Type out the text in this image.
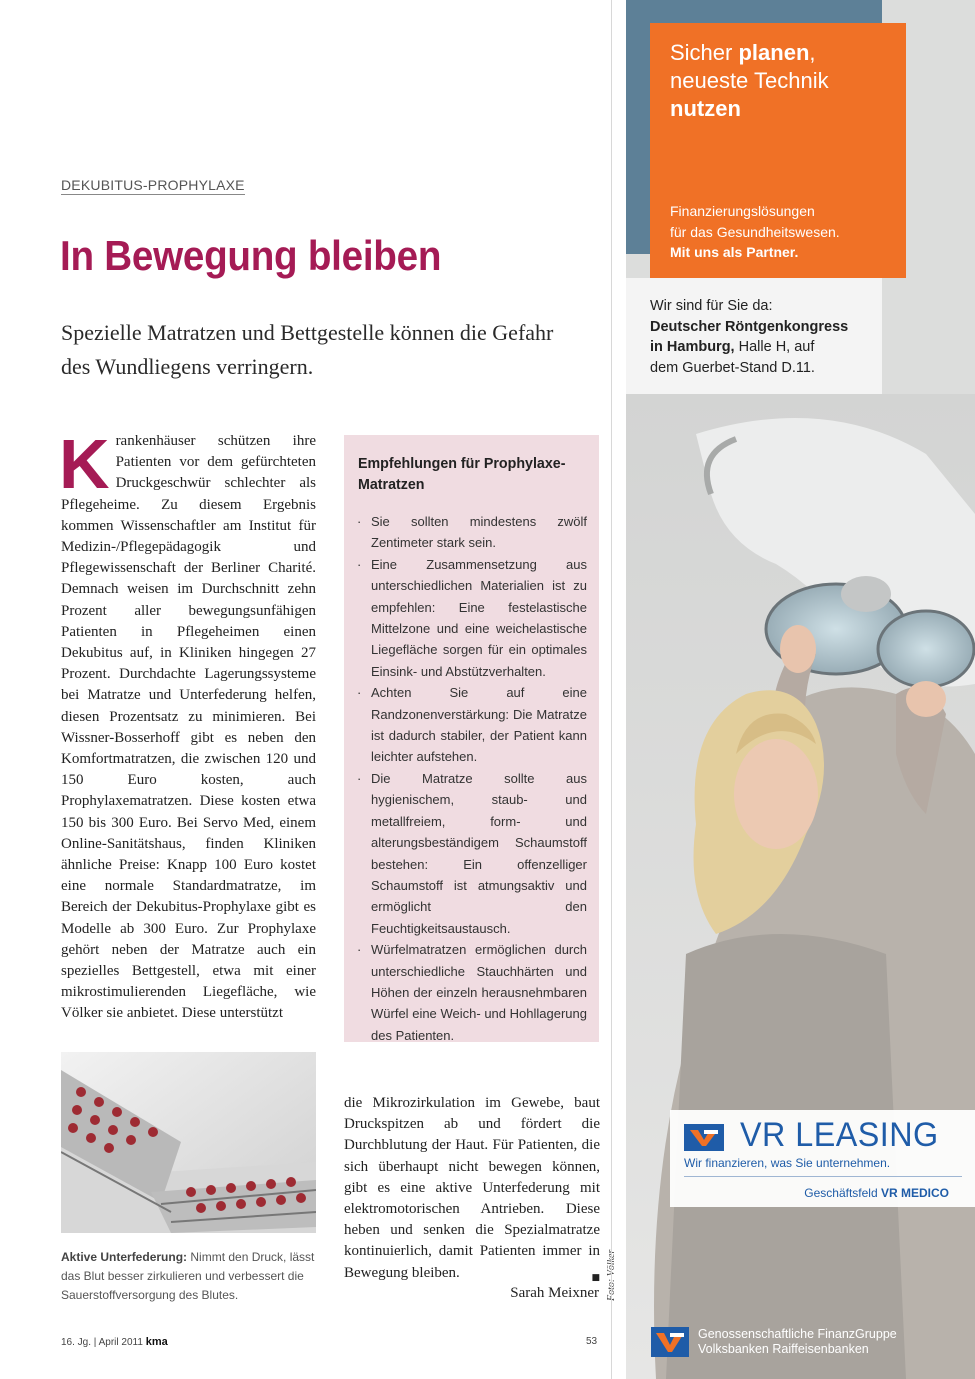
DEKUBITUS-PROPHYLAXE
In Bewegung bleiben

Spezielle Matratzen und Bettgestelle können die Gefahr des Wundliegens verringern.

Krankenhäuser schützen ihre Patienten vor dem gefürchteten Druckgeschwür schlechter als Pflegeheime. Zu diesem Ergebnis kommen Wissenschaftler am Institut für Medizin-/Pflegepädagogik und Pflegewissenschaft der Berliner Charité. Demnach weisen im Durchschnitt zehn Prozent aller bewegungsunfähigen Patienten in Pflegeheimen einen Dekubitus auf, in Kliniken hingegen 27 Prozent. Durchdachte Lagerungssysteme bei Matratze und Unterfederung helfen, diesen Prozentsatz zu minimieren. Bei Wissner-Bosserhoff gibt es neben den Komfortmatratzen, die zwischen 120 und 150 Euro kosten, auch Prophylaxematratzen. Diese kosten etwa 150 bis 300 Euro. Bei Servo Med, einem Online-Sanitätshaus, finden Kliniken ähnliche Preise: Knapp 100 Euro kostet eine normale Standardmatratze, im Bereich der Dekubitus-Prophylaxe gibt es Modelle ab 300 Euro. Zur Prophylaxe gehört neben der Matratze auch ein spezielles Bettgestell, etwa mit einer mikrostimulierenden Liegefläche, wie Völker sie anbietet. Diese unterstützt

Empfehlungen für Prophylaxe-Matratzen
· Sie sollten mindestens zwölf Zentimeter stark sein.
· Eine Zusammensetzung aus unterschiedlichen Materialien ist zu empfehlen: Eine festelastische Mittelzone und eine weichelastische Liegefläche sorgen für ein optimales Einsink- und Abstützverhalten.
· Achten Sie auf eine Randzonenverstärkung: Die Matratze ist dadurch stabiler, der Patient kann leichter aufstehen.
· Die Matratze sollte aus hygienischem, staub- und metallfreiem, form- und alterungsbeständigem Schaumstoff bestehen: Ein offenzelliger Schaumstoff ist atmungsaktiv und ermöglicht den Feuchtigkeitsaustausch.
· Würfelmatratzen ermöglichen durch unterschiedliche Stauchhärten und Höhen der einzeln herausnehmbaren Würfel eine Weich- und Hohllagerung des Patienten.

Aktive Unterfederung: Nimmt den Druck, lässt das Blut besser zirkulieren und verbessert die Sauerstoffversorgung des Blutes.

die Mikrozirkulation im Gewebe, baut Druckspitzen ab und fördert die Durchblutung der Haut. Für Patienten, die sich überhaupt nicht bewegen können, gibt es eine aktive Unterfederung mit elektromotorischen Antrieben. Diese heben und senken die Spezialmatratze kontinuierlich, damit Patienten immer in Bewegung bleiben.	■

Sarah Meixner
16. Jg. | April 2011 kma	53
Sicher planen,
neueste Technik
nutzen
Finanzierungslösungen
für das Gesundheitswesen.
Mit uns als Partner.

Wir sind für Sie da:
Deutscher Röntgenkongress
in Hamburg, Halle H, auf
dem Guerbet-Stand D.11.

VR LEASING
Wir finanzieren, was Sie unternehmen.
Geschäftsfeld VR MEDICO
Genossenschaftliche FinanzGruppe
Volksbanken Raiffeisenbanken
